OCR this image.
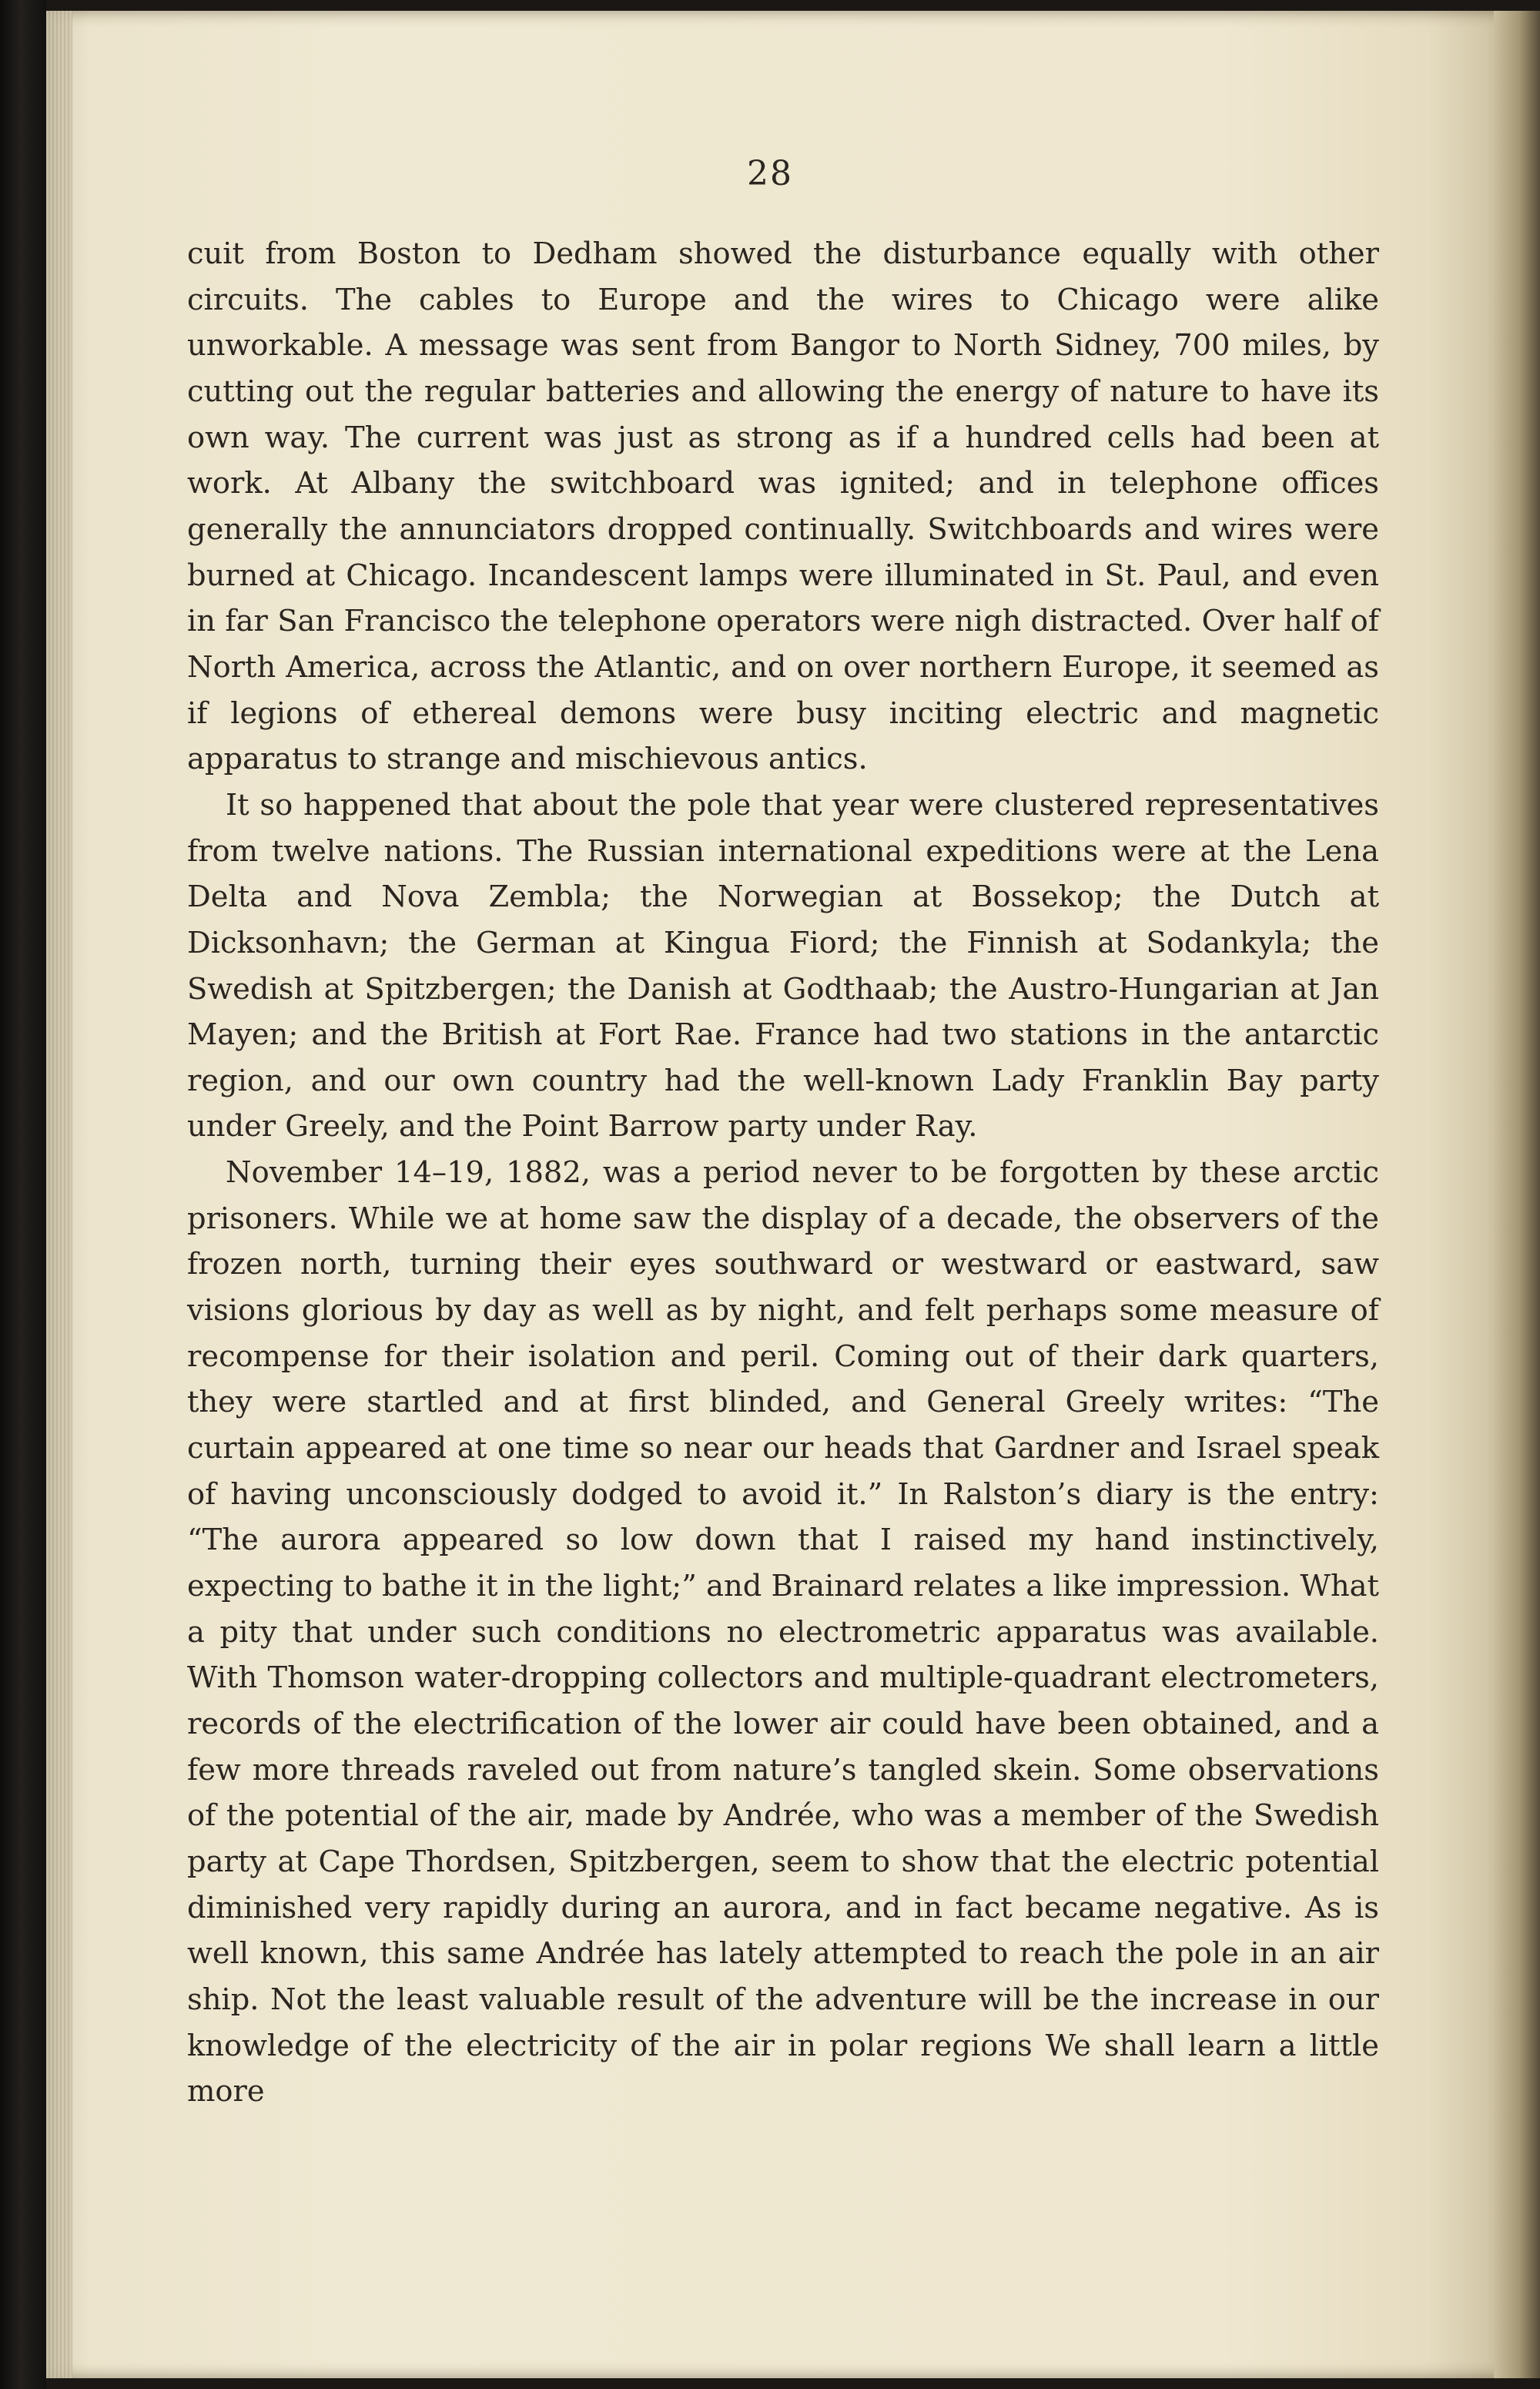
28

cuit from Boston to Dedham showed the disturbance equally with other circuits. The cables to Europe and the wires to Chicago were alike unworkable. A message was sent from Bangor to North Sidney, 700 miles, by cutting out the regular batteries and allowing the energy of nature to have its own way. The current was just as strong as if a hundred cells had been at work. At Albany the switchboard was ignited; and in telephone offices generally the annunciators dropped continually. Switchboards and wires were burned at Chicago. Incandescent lamps were illuminated in St. Paul, and even in far San Francisco the telephone operators were nigh distracted. Over half of North America, across the Atlantic, and on over northern Europe, it seemed as if legions of ethereal demons were busy inciting electric and magnetic apparatus to strange and mischievous antics.

It so happened that about the pole that year were clustered representatives from twelve nations. The Russian international expeditions were at the Lena Delta and Nova Zembla; the Norwegian at Bossekop; the Dutch at Dicksonhavn; the German at Kingua Fiord; the Finnish at Sodankyla; the Swedish at Spitzbergen; the Danish at Godthaab; the Austro-Hungarian at Jan Mayen; and the British at Fort Rae. France had two stations in the antarctic region, and our own country had the well-known Lady Franklin Bay party under Greely, and the Point Barrow party under Ray.

November 14–19, 1882, was a period never to be forgotten by these arctic prisoners. While we at home saw the display of a decade, the observers of the frozen north, turning their eyes southward or westward or eastward, saw visions glorious by day as well as by night, and felt perhaps some measure of recompense for their isolation and peril. Coming out of their dark quarters, they were startled and at first blinded, and General Greely writes: “The curtain appeared at one time so near our heads that Gardner and Israel speak of having unconsciously dodged to avoid it.” In Ralston’s diary is the entry: “The aurora appeared so low down that I raised my hand instinctively, expecting to bathe it in the light;” and Brainard relates a like impression. What a pity that under such conditions no electrometric apparatus was available. With Thomson water-dropping collectors and multiple-quadrant electrometers, records of the electrification of the lower air could have been obtained, and a few more threads raveled out from nature’s tangled skein. Some observations of the potential of the air, made by Andrée, who was a member of the Swedish party at Cape Thordsen, Spitzbergen, seem to show that the electric potential diminished very rapidly during an aurora, and in fact became negative. As is well known, this same Andrée has lately attempted to reach the pole in an air ship. Not the least valuable result of the adventure will be the increase in our knowledge of the electricity of the air in polar regions We shall learn a little more
